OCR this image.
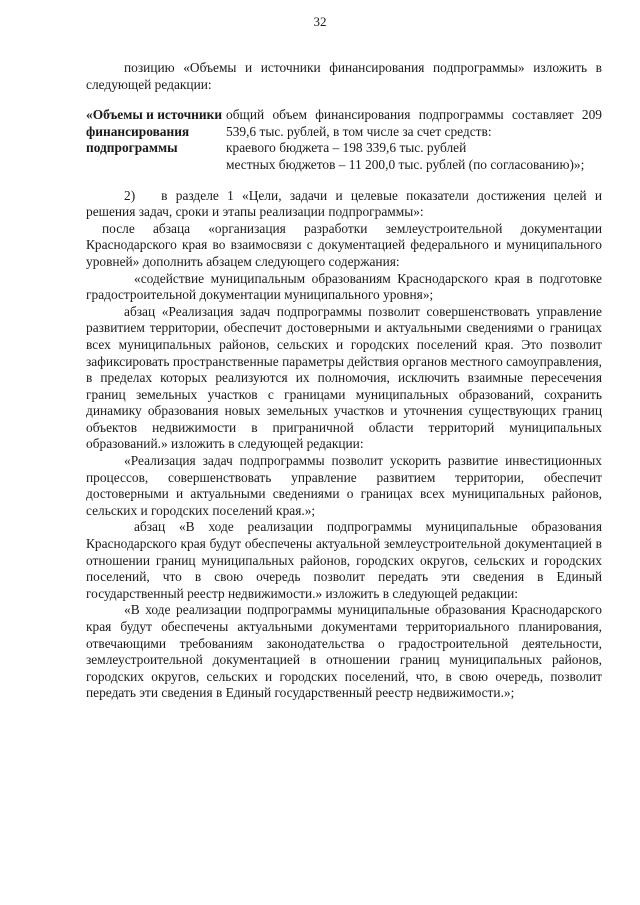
32

позицию «Объемы и источники финансирования подпрограммы» изложить в следующей редакции:

«Объемы и источники финансирования подпрограммы

общий объем финансирования подпрограммы составляет 209 539,6 тыс. рублей, в том числе за счет средств:

краевого бюджета – 198 339,6 тыс. рублей

местных бюджетов – 11 200,0 тыс. рублей (по согласованию)»;

2) в разделе 1 «Цели, задачи и целевые показатели достижения целей и решения задач, сроки и этапы реализации подпрограммы»:

после абзаца «организация разработки землеустроительной документации Краснодарского края во взаимосвязи с документацией федерального и муниципального уровней» дополнить абзацем следующего содержания:

«содействие муниципальным образованиям Краснодарского края в подготовке градостроительной документации муниципального уровня»;

абзац «Реализация задач подпрограммы позволит совершенствовать управление развитием территории, обеспечит достоверными и актуальными сведениями о границах всех муниципальных районов, сельских и городских поселений края. Это позволит зафиксировать пространственные параметры действия органов местного самоуправления, в пределах которых реализуются их полномочия, исключить взаимные пересечения границ земельных участков с границами муниципальных образований, сохранить динамику образования новых земельных участков и уточнения существующих границ объектов недвижимости в приграничной области территорий муниципальных образований.» изложить в следующей редакции:

«Реализация задач подпрограммы позволит ускорить развитие инвестиционных процессов, совершенствовать управление развитием территории, обеспечит достоверными и актуальными сведениями о границах всех муниципальных районов, сельских и городских поселений края.»;

абзац «В ходе реализации подпрограммы муниципальные образования Краснодарского края будут обеспечены актуальной землеустроительной документацией в отношении границ муниципальных районов, городских округов, сельских и городских поселений, что в свою очередь позволит передать эти сведения в Единый государственный реестр недвижимости.» изложить в следующей редакции:

«В ходе реализации подпрограммы муниципальные образования Краснодарского края будут обеспечены актуальными документами территориального планирования, отвечающими требованиям законодательства о градостроительной деятельности, землеустроительной документацией в отношении границ муниципальных районов, городских округов, сельских и городских поселений, что, в свою очередь, позволит передать эти сведения в Единый государственный реестр недвижимости.»;
